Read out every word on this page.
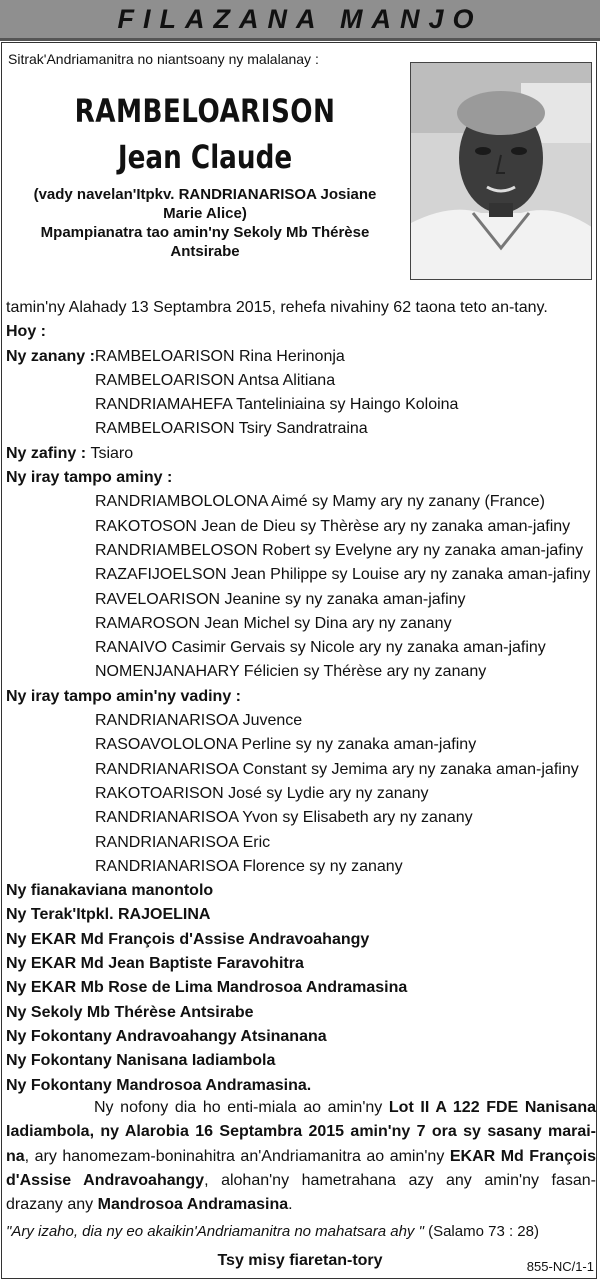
FILAZANA MANJO
Sitrak'Andriamanitra no niantsoany ny malalanay :
RAMBELOARISON
Jean Claude
(vady navelan'Itpkv. RANDRIANARISOA Josiane
Marie Alice)
Mpampianatra tao amin'ny Sekoly Mb Thérèse
Antsirabe
tamin'ny Alahady 13 Septambra 2015, rehefa nivahiny 62 taona teto an-tany.
Hoy :
Ny zanany :RAMBELOARISON Rina Herinonja
RAMBELOARISON Antsa Alitiana
RANDRIAMAHEFA Tanteliniaina sy Haingo Koloina
RAMBELOARISON Tsiry Sandratraina
Ny zafiny : Tsiaro
Ny iray tampo aminy :
RANDRIAMBOLOLONA Aimé sy Mamy ary ny zanany (France)
RAKOTOSON Jean de Dieu sy Thèrèse ary ny zanaka aman-jafiny
RANDRIAMBELOSON Robert sy Evelyne ary ny zanaka aman-jafiny
RAZAFIJOELSON Jean Philippe sy Louise ary ny zanaka aman-jafiny
RAVELOARISON Jeanine sy ny zanaka aman-jafiny
RAMAROSON Jean Michel sy Dina ary ny zanany
RANAIVO Casimir Gervais sy Nicole ary ny zanaka aman-jafiny
NOMENJANAHARY Félicien sy Thérèse ary ny zanany
Ny iray tampo amin'ny vadiny :
RANDRIANARISOA Juvence
RASOAVOLOLONA Perline sy ny zanaka aman-jafiny
RANDRIANARISOA Constant sy Jemima ary ny zanaka aman-jafiny
RAKOTOARISON José sy Lydie ary ny zanany
RANDRIANARISOA Yvon sy Elisabeth ary ny zanany
RANDRIANARISOA Eric
RANDRIANARISOA Florence sy ny zanany
Ny fianakaviana manontolo
Ny Terak'Itpkl. RAJOELINA
Ny EKAR Md François d'Assise Andravoahangy
Ny EKAR Md Jean Baptiste Faravohitra
Ny EKAR Mb Rose de Lima Mandrosoa Andramasina
Ny Sekoly Mb Thérèse Antsirabe
Ny Fokontany Andravoahangy Atsinanana
Ny Fokontany Nanisana Iadiambola
Ny Fokontany Mandrosoa Andramasina.
Ny nofony dia ho enti-miala ao amin'ny Lot II A 122 FDE Nanisana Iadiambola, ny Alarobia 16 Septambra 2015 amin'ny 7 ora sy sasany marai-na, ary hanomezam-boninahitra an'Andriamanitra ao amin'ny EKAR Md François d'Assise Andravoahangy, alohan'ny hametrahana azy any amin'ny fasan-drazany any Mandrosoa Andramasina.
"Ary izaho, dia ny eo akaikin'Andriamanitra no mahatsara ahy " (Salamo 73 : 28)
Tsy misy fiaretan-tory	855-NC/1-1
